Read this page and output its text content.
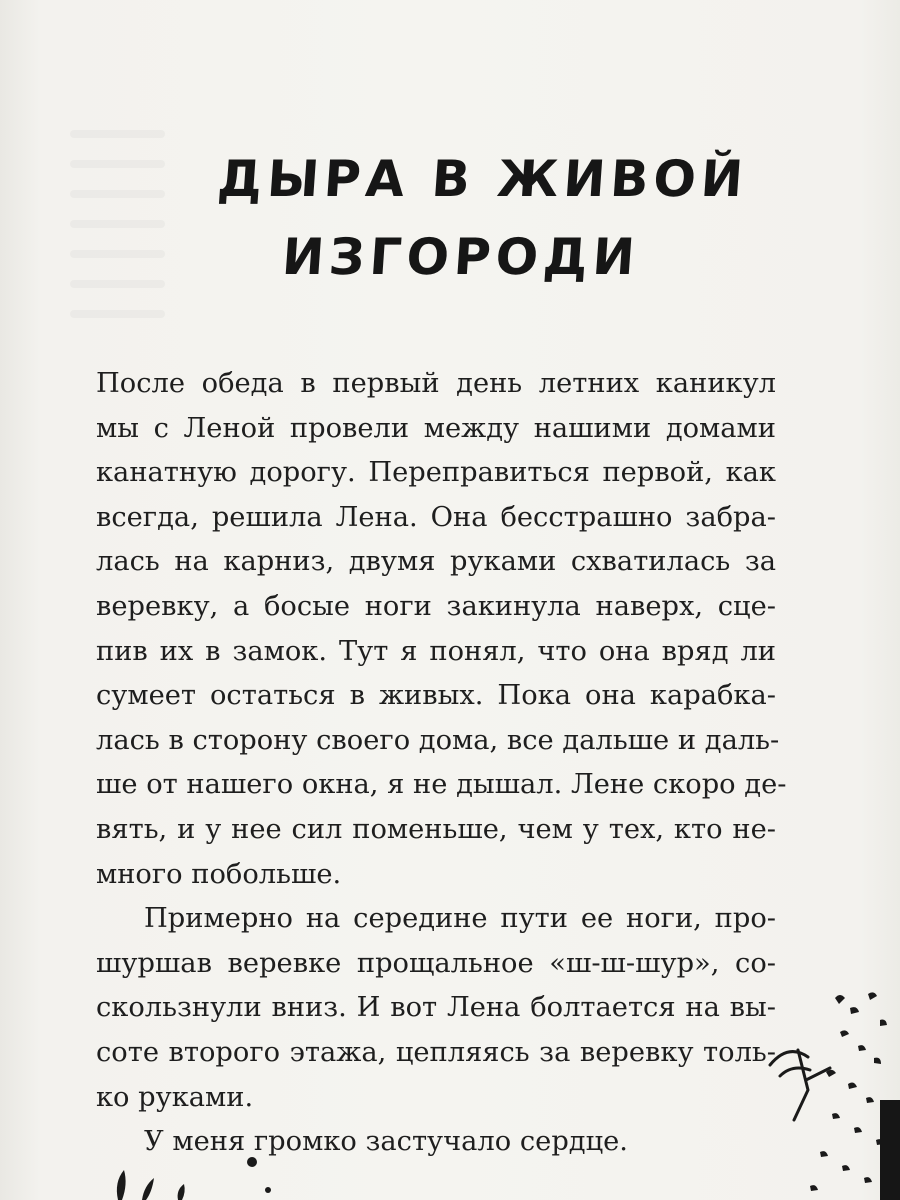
ДЫРА В ЖИВОЙ
ИЗГОРОДИ

После обеда в первый день летних каникул
мы с Леной провели между нашими домами
канатную дорогу. Переправиться первой, как
всегда, решила Лена. Она бесстрашно забра-
лась на карниз, двумя руками схватилась за
веревку, а босые ноги закинула наверх, сце-
пив их в замок. Тут я понял, что она вряд ли
сумеет остаться в живых. Пока она карабка-
лась в сторону своего дома, все дальше и даль-
ше от нашего окна, я не дышал. Лене скоро де-
вять, и у нее сил поменьше, чем у тех, кто не-
много побольше.

Примерно на середине пути ее ноги, про-
шуршав веревке прощальное «ш-ш-шур», со-
скользнули вниз. И вот Лена болтается на вы-
соте второго этажа, цепляясь за веревку толь-
ко руками.

У меня громко застучало сердце.
